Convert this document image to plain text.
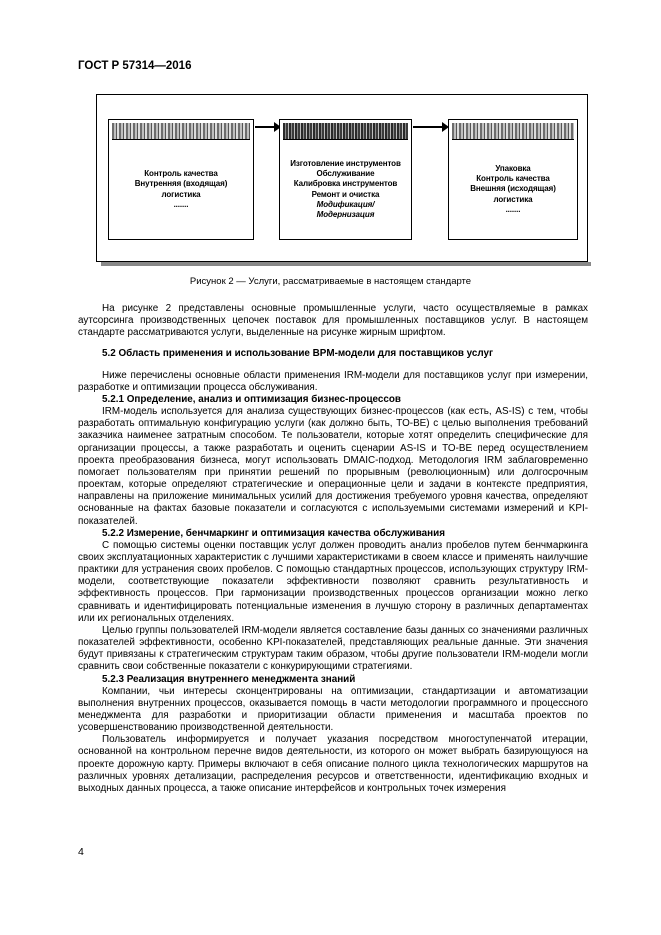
ГОСТ Р 57314—2016
Контроль качества
Внутренняя (входящая)
логистика
.......
Изготовление инструментов
Обслуживание
Калибровка инструментов
Ремонт и очистка
Модификация/
Модернизация
Упаковка
Контроль качества
Внешняя (исходящая)
логистика
.......
Рисунок 2 — Услуги, рассматриваемые в настоящем стандарте

На рисунке 2 представлены основные промышленные услуги, часто осуществляемые в рамках аутсорсинга производственных цепочек поставок для промышленных поставщиков услуг. В настоящем стандарте рассматриваются услуги, выделенные на рисунке жирным шрифтом.

5.2 Область применения и использование BPM-модели для поставщиков услуг

Ниже перечислены основные области применения IRM-модели для поставщиков услуг при измерении, разработке и оптимизации процесса обслуживания.

5.2.1 Определение, анализ и оптимизация бизнес-процессов

IRM-модель используется для анализа существующих бизнес-процессов (как есть, AS-IS) с тем, чтобы разработать оптимальную конфигурацию услуги (как должно быть, TO-BE) с целью выполнения требований заказчика наименее затратным способом. Те пользователи, которые хотят определить специфические для организации процессы, а также разработать и оценить сценарии AS-IS и TO-BE перед осуществлением проекта преобразования бизнеса, могут использовать DMAIC-подход. Методология IRM заблаговременно помогает пользователям при принятии решений по прорывным (революционным) или долгосрочным проектам, которые определяют стратегические и операционные цели и задачи в контексте предприятия, направлены на приложение минимальных усилий для достижения требуемого уровня качества, определяют основанные на фактах базовые показатели и согласуются с используемыми системами измерений и KPI-показателей.

5.2.2 Измерение, бенчмаркинг и оптимизация качества обслуживания

С помощью системы оценки поставщик услуг должен проводить анализ пробелов путем бенчмаркинга своих эксплуатационных характеристик с лучшими характеристиками в своем классе и применять наилучшие практики для устранения своих пробелов. С помощью стандартных процессов, использующих структуру IRM-модели, соответствующие показатели эффективности позволяют сравнить результативность и эффективность процессов. При гармонизации производственных процессов организации можно легко сравнивать и идентифицировать потенциальные изменения в лучшую сторону в различных департаментах или их региональных отделениях.

Целью группы пользователей IRM-модели является составление базы данных со значениями различных показателей эффективности, особенно KPI-показателей, представляющих реальные данные. Эти значения будут привязаны к стратегическим структурам таким образом, чтобы другие пользователи IRM-модели могли сравнить свои собственные показатели с конкурирующими стратегиями.

5.2.3 Реализация внутреннего менеджмента знаний

Компании, чьи интересы сконцентрированы на оптимизации, стандартизации и автоматизации выполнения внутренних процессов, оказывается помощь в части методологии программного и процессного менеджмента для разработки и приоритизации области применения и масштаба проектов по усовершенствованию производственной деятельности.

Пользователь информируется и получает указания посредством многоступенчатой итерации, основанной на контрольном перечне видов деятельности, из которого он может выбрать базирующуюся на проекте дорожную карту. Примеры включают в себя описание полного цикла технологических маршрутов на различных уровнях детализации, распределения ресурсов и ответственности, идентификацию входных и выходных данных процесса, а также описание интерфейсов и контрольных точек измерения

4
